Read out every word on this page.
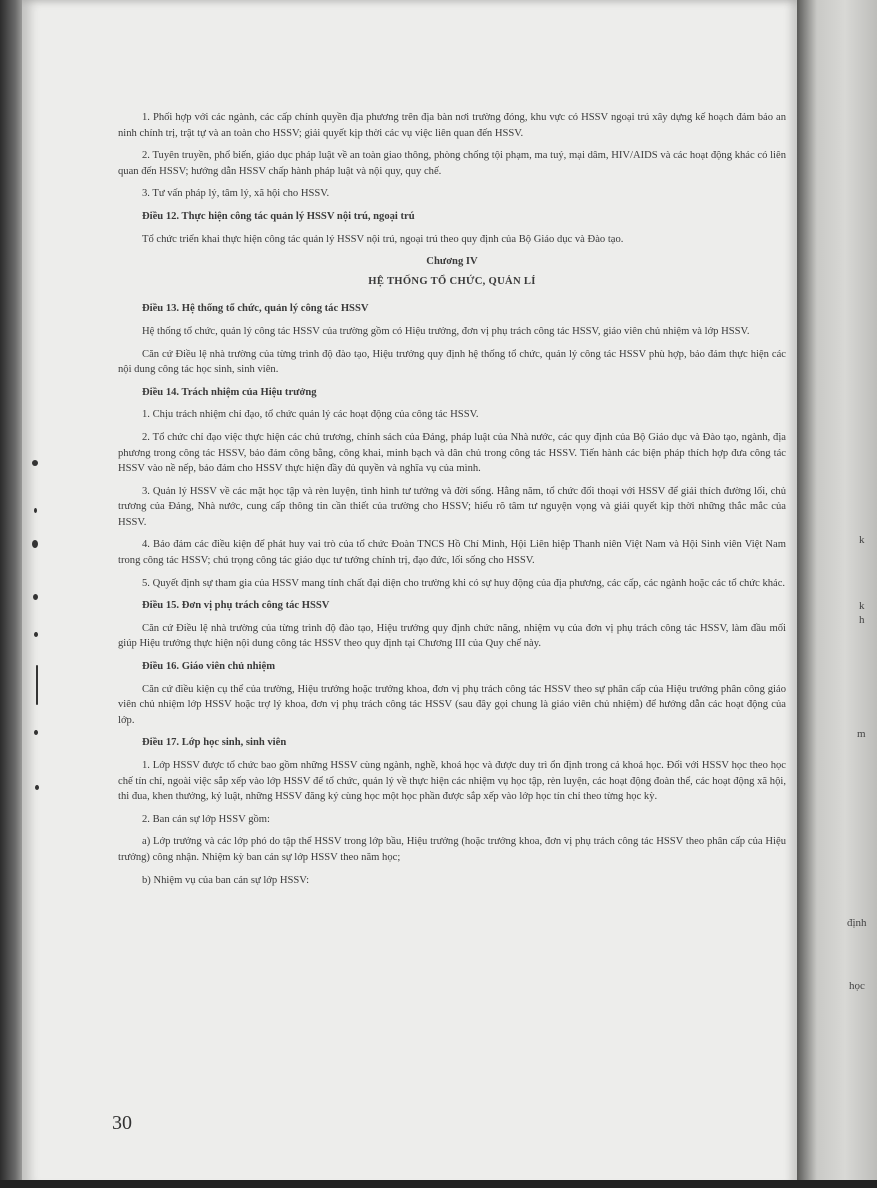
k
k
h
m
định
học

1. Phối hợp với các ngành, các cấp chính quyền địa phương trên địa bàn nơi trường đóng, khu vực có HSSV ngoại trú xây dựng kế hoạch đảm bảo an ninh chính trị, trật tự và an toàn cho HSSV; giải quyết kịp thời các vụ việc liên quan đến HSSV.

2. Tuyên truyền, phổ biến, giáo dục pháp luật về an toàn giao thông, phòng chống tội phạm, ma tuý, mại dâm, HIV/AIDS và các hoạt động khác có liên quan đến HSSV; hướng dẫn HSSV chấp hành pháp luật và nội quy, quy chế.

3. Tư vấn pháp lý, tâm lý, xã hội cho HSSV.

Điều 12. Thực hiện công tác quản lý HSSV nội trú, ngoại trú

Tổ chức triển khai thực hiện công tác quản lý HSSV nội trú, ngoại trú theo quy định của Bộ Giáo dục và Đào tạo.

Chương IV

HỆ THỐNG TỔ CHỨC, QUẢN LÍ

Điều 13. Hệ thống tổ chức, quản lý công tác HSSV

Hệ thống tổ chức, quản lý công tác HSSV của trường gồm có Hiệu trưởng, đơn vị phụ trách công tác HSSV, giáo viên chủ nhiệm và lớp HSSV.

Căn cứ Điều lệ nhà trường của từng trình độ đào tạo, Hiệu trưởng quy định hệ thống tổ chức, quản lý công tác HSSV phù hợp, bảo đảm thực hiện các nội dung công tác học sinh, sinh viên.

Điều 14. Trách nhiệm của Hiệu trưởng

1. Chịu trách nhiệm chỉ đạo, tổ chức quản lý các hoạt động của công tác HSSV.

2. Tổ chức chỉ đạo việc thực hiện các chủ trương, chính sách của Đảng, pháp luật của Nhà nước, các quy định của Bộ Giáo dục và Đào tạo, ngành, địa phương trong công tác HSSV, bảo đảm công bằng, công khai, minh bạch và dân chủ trong công tác HSSV. Tiến hành các biện pháp thích hợp đưa công tác HSSV vào nề nếp, bảo đảm cho HSSV thực hiện đầy đủ quyền và nghĩa vụ của mình.

3. Quản lý HSSV về các mặt học tập và rèn luyện, tình hình tư tưởng và đời sống. Hằng năm, tổ chức đối thoại với HSSV để giải thích đường lối, chủ trương của Đảng, Nhà nước, cung cấp thông tin cần thiết của trường cho HSSV; hiểu rõ tâm tư nguyện vọng và giải quyết kịp thời những thắc mắc của HSSV.

4. Bảo đảm các điều kiện để phát huy vai trò của tổ chức Đoàn TNCS Hồ Chí Minh, Hội Liên hiệp Thanh niên Việt Nam và Hội Sinh viên Việt Nam trong công tác HSSV; chú trọng công tác giáo dục tư tưởng chính trị, đạo đức, lối sống cho HSSV.

5. Quyết định sự tham gia của HSSV mang tính chất đại diện cho trường khi có sự huy động của địa phương, các cấp, các ngành hoặc các tổ chức khác.

Điều 15. Đơn vị phụ trách công tác HSSV

Căn cứ Điều lệ nhà trường của từng trình độ đào tạo, Hiệu trưởng quy định chức năng, nhiệm vụ của đơn vị phụ trách công tác HSSV, làm đầu mối giúp Hiệu trưởng thực hiện nội dung công tác HSSV theo quy định tại Chương III của Quy chế này.

Điều 16. Giáo viên chủ nhiệm

Căn cứ điều kiện cụ thể của trường, Hiệu trưởng hoặc trưởng khoa, đơn vị phụ trách công tác HSSV theo sự phân cấp của Hiệu trưởng phân công giáo viên chủ nhiệm lớp HSSV hoặc trợ lý khoa, đơn vị phụ trách công tác HSSV (sau đây gọi chung là giáo viên chủ nhiệm) để hướng dẫn các hoạt động của lớp.

Điều 17. Lớp học sinh, sinh viên

1. Lớp HSSV được tổ chức bao gồm những HSSV cùng ngành, nghề, khoá học và được duy trì ổn định trong cả khoá học. Đối với HSSV học theo học chế tín chỉ, ngoài việc sắp xếp vào lớp HSSV để tổ chức, quản lý về thực hiện các nhiệm vụ học tập, rèn luyện, các hoạt động đoàn thể, các hoạt động xã hội, thi đua, khen thưởng, kỷ luật, những HSSV đăng ký cùng học một học phần được sắp xếp vào lớp học tín chỉ theo từng học kỳ.

2. Ban cán sự lớp HSSV gồm:

a) Lớp trưởng và các lớp phó do tập thể HSSV trong lớp bầu, Hiệu trưởng (hoặc trưởng khoa, đơn vị phụ trách công tác HSSV theo phân cấp của Hiệu trưởng) công nhận. Nhiệm kỳ ban cán sự lớp HSSV theo năm học;

b) Nhiệm vụ của ban cán sự lớp HSSV:

30
